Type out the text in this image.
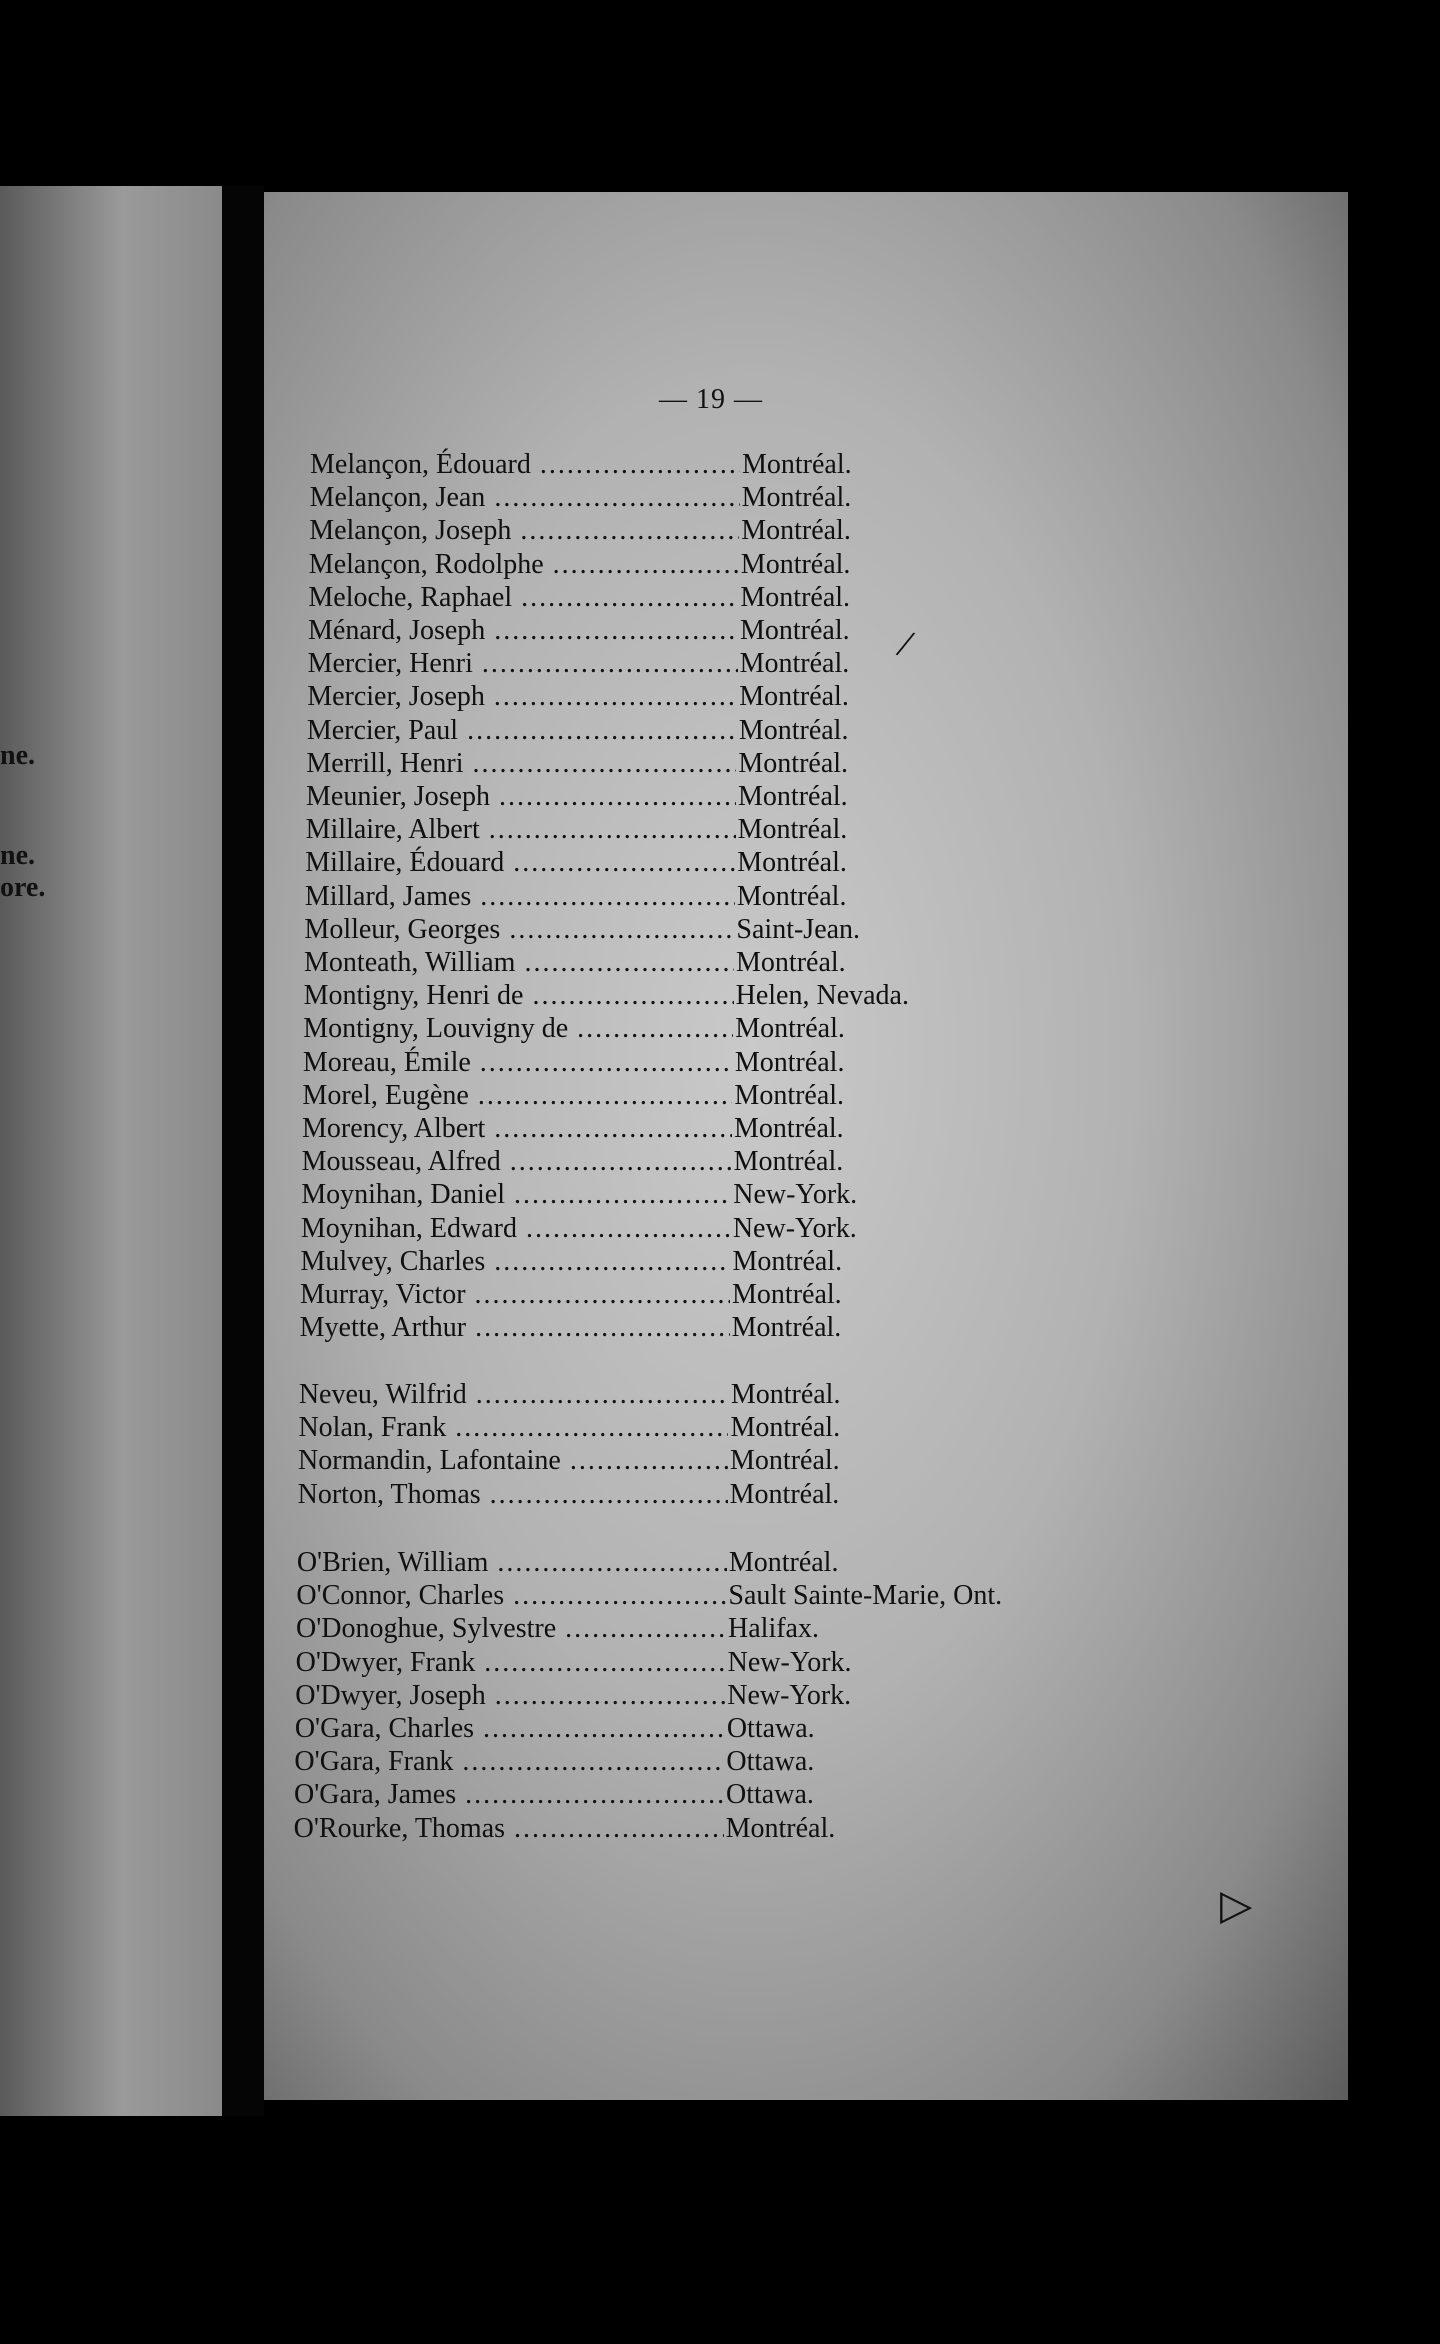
ne.
ne.
ore.
— 19 —
Melançon, Édouard .....	Montréal.
Melançon, Jean .....	Montréal.
Melançon, Joseph .....	Montréal.
Melançon, Rodolphe .....	Montréal.
Meloche, Raphael .....	Montréal.
Ménard, Joseph .....	Montréal.
Mercier, Henri .....	Montréal.
Mercier, Joseph .....	Montréal.
Mercier, Paul .....	Montréal.
Merrill, Henri .....	Montréal.
Meunier, Joseph .....	Montréal.
Millaire, Albert .....	Montréal.
Millaire, Édouard .....	Montréal.
Millard, James .....	Montréal.
Molleur, Georges .....	Saint-Jean.
Monteath, William .....	Montréal.
Montigny, Henri de .....	Helen, Nevada.
Montigny, Louvigny de .....	Montréal.
Moreau, Émile .....	Montréal.
Morel, Eugène .....	Montréal.
Morency, Albert .....	Montréal.
Mousseau, Alfred .....	Montréal.
Moynihan, Daniel .....	New-York.
Moynihan, Edward .....	New-York.
Mulvey, Charles .....	Montréal.
Murray, Victor .....	Montréal.
Myette, Arthur .....	Montréal.
Neveu, Wilfrid .....	Montréal.
Nolan, Frank .....	Montréal.
Normandin, Lafontaine .....	Montréal.
Norton, Thomas .....	Montréal.
O'Brien, William .....	Montréal.
O'Connor, Charles .....	Sault Sainte-Marie, Ont.
O'Donoghue, Sylvestre .....	Halifax.
O'Dwyer, Frank .....	New-York.
O'Dwyer, Joseph .....	New-York.
O'Gara, Charles .....	Ottawa.
O'Gara, Frank .....	Ottawa.
O'Gara, James .....	Ottawa.
O'Rourke, Thomas .....	Montréal.
/
▷
